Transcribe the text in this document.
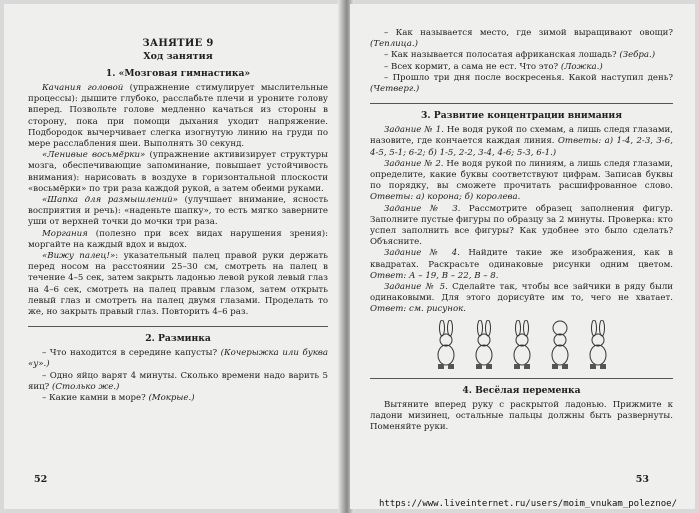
ЗАНЯТИЕ 9
Ход занятия
1. «Мозговая гимнастика»

Качания головой (упражнение стимулирует мыслительные процессы): дышите глубоко, расслабьте плечи и уроните голову вперед. Позвольте голове медленно качаться из стороны в сторону, пока при помощи дыхания уходит напряжение. Подбородок вычерчивает слегка изогнутую линию на груди по мере расслабления шеи. Выполнять 30 секунд.

«Ленивые восьмёрки» (упражнение активизирует структуры мозга, обеспечивающие запоминание, повышает устойчивость внимания): нарисовать в воздухе в горизонтальной плоскости «восьмёрки» по три раза каждой рукой, а затем обеими руками.

«Шапка для размышлений» (улучшает внимание, ясность восприятия и речь): «наденьте шапку», то есть мягко заверните уши от верхней точки до мочки три раза.

Моргания (полезно при всех видах нарушения зрения): моргайте на каждый вдох и выдох.

«Вижу палец!»: указательный палец правой руки держать перед носом на расстоянии 25–30 см, смотреть на палец в течение 4–5 сек, затем закрыть ладонью левой рукой левый глаз на 4–6 сек, смотреть на палец правым глазом, затем открыть левый глаз и смотреть на палец двумя глазами. Проделать то же, но закрыть правый глаз. Повторить 4–6 раз.

2. Разминка

– Что находится в середине капусты? (Кочерыжка или буква «у».)

– Одно яйцо варят 4 минуты. Сколько времени надо варить 5 яиц? (Столько же.)

– Какие камни в море? (Мокрые.)

52

– Как называется место, где зимой выращивают овощи? (Теплица.)

– Как называется полосатая африканская лошадь? (Зебра.)

– Всех кормит, а сама не ест. Что это? (Ложка.)

– Прошло три дня после воскресенья. Какой наступил день? (Четверг.)

3. Развитие концентрации внимания

Задание № 1. Не водя рукой по схемам, а лишь следя глазами, назовите, где кончается каждая линия. Ответы: а) 1-4, 2-3, 3-6, 4-5, 5-1; 6-2; б) 1-5, 2-2, 3-4, 4-6; 5-3, 6-1.)

Задание № 2. Не водя рукой по линиям, а лишь следя глазами, определите, какие буквы соответствуют цифрам. Записав буквы по порядку, вы сможете прочитать расшифрованное слово. Ответы: а) корона; б) королева.

Задание № 3. Рассмотрите образец заполнения фигур. Заполните пустые фигуры по образцу за 2 минуты. Проверка: кто успел заполнить все фигуры? Как удобнее это было сделать? Объясните.

Задание № 4. Найдите такие же изображения, как в квадратах. Раскрасьте одинаковые рисунки одним цветом. Ответ: А – 19, В – 22, В – 8.

Задание № 5. Сделайте так, чтобы все зайчики в ряду были одинаковыми. Для этого дорисуйте им то, чего не хватает. Ответ: см. рисунок.

4. Весёлая переменка

Вытяните вперед руку с раскрытой ладонью. Прижмите к ладони мизинец, остальные пальцы должны быть развернуты. Поменяйте руки.

53
https://www.liveinternet.ru/users/moim_vnukam_poleznoe/
